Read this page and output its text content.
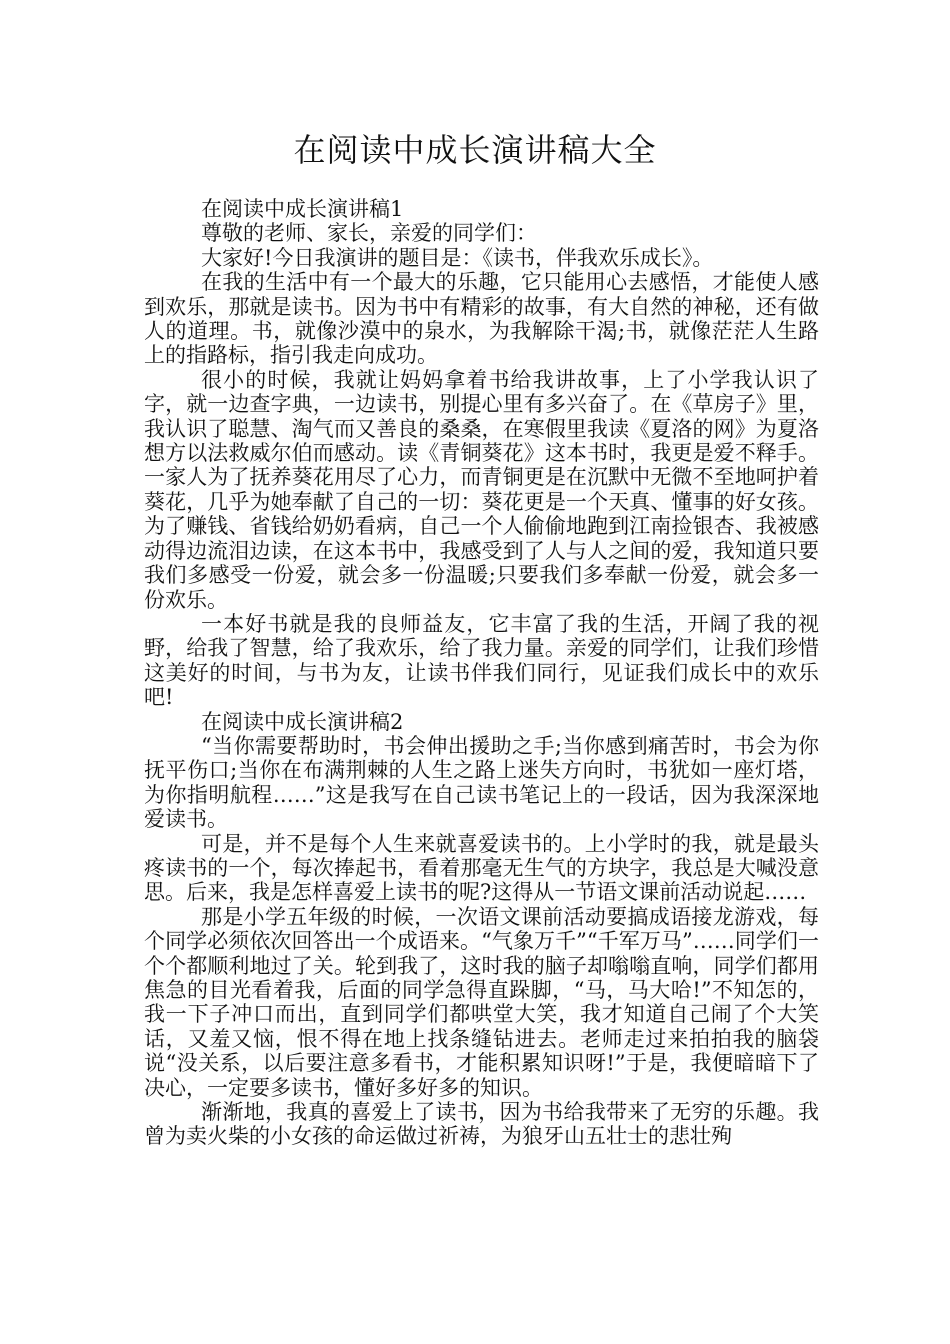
在阅读中成长演讲稿大全

在阅读中成长演讲稿1

尊敬的老师、家长，亲爱的同学们：

大家好!今日我演讲的题目是：《读书，伴我欢乐成长》。

在我的生活中有一个最大的乐趣，它只能用心去感悟，才能使人感到欢乐，那就是读书。因为书中有精彩的故事，有大自然的神秘，还有做人的道理。书，就像沙漠中的泉水，为我解除干渴;书，就像茫茫人生路上的指路标，指引我走向成功。

很小的时候，我就让妈妈拿着书给我讲故事，上了小学我认识了字，就一边查字典，一边读书，别提心里有多兴奋了。在《草房子》里，我认识了聪慧、淘气而又善良的桑桑，在寒假里我读《夏洛的网》为夏洛想方以法救威尔伯而感动。读《青铜葵花》这本书时，我更是爱不释手。一家人为了抚养葵花用尽了心力，而青铜更是在沉默中无微不至地呵护着葵花，几乎为她奉献了自己的一切：葵花更是一个天真、懂事的好女孩。为了赚钱、省钱给奶奶看病，自己一个人偷偷地跑到江南捡银杏、我被感动得边流泪边读，在这本书中，我感受到了人与人之间的爱，我知道只要我们多感受一份爱，就会多一份温暖;只要我们多奉献一份爱，就会多一份欢乐。

一本好书就是我的良师益友，它丰富了我的生活，开阔了我的视野，给我了智慧，给了我欢乐，给了我力量。亲爱的同学们，让我们珍惜这美好的时间，与书为友，让读书伴我们同行，见证我们成长中的欢乐吧!

在阅读中成长演讲稿2

“当你需要帮助时，书会伸出援助之手;当你感到痛苦时，书会为你抚平伤口;当你在布满荆棘的人生之路上迷失方向时，书犹如一座灯塔，为你指明航程……”这是我写在自己读书笔记上的一段话，因为我深深地爱读书。

可是，并不是每个人生来就喜爱读书的。上小学时的我，就是最头疼读书的一个，每次捧起书，看着那毫无生气的方块字，我总是大喊没意思。后来，我是怎样喜爱上读书的呢?这得从一节语文课前活动说起……

那是小学五年级的时候，一次语文课前活动要搞成语接龙游戏，每个同学必须依次回答出一个成语来。“气象万千”“千军万马”……同学们一个个都顺利地过了关。轮到我了，这时我的脑子却嗡嗡直响，同学们都用焦急的目光看着我，后面的同学急得直跺脚，“马，马大哈!”不知怎的，我一下子冲口而出，直到同学们都哄堂大笑，我才知道自己闹了个大笑话，又羞又恼，恨不得在地上找条缝钻进去。老师走过来拍拍我的脑袋说“没关系，以后要注意多看书，才能积累知识呀!”于是，我便暗暗下了决心，一定要多读书，懂好多好多的知识。

渐渐地，我真的喜爱上了读书，因为书给我带来了无穷的乐趣。我曾为卖火柴的小女孩的命运做过祈祷，为狼牙山五壮士的悲壮殉
